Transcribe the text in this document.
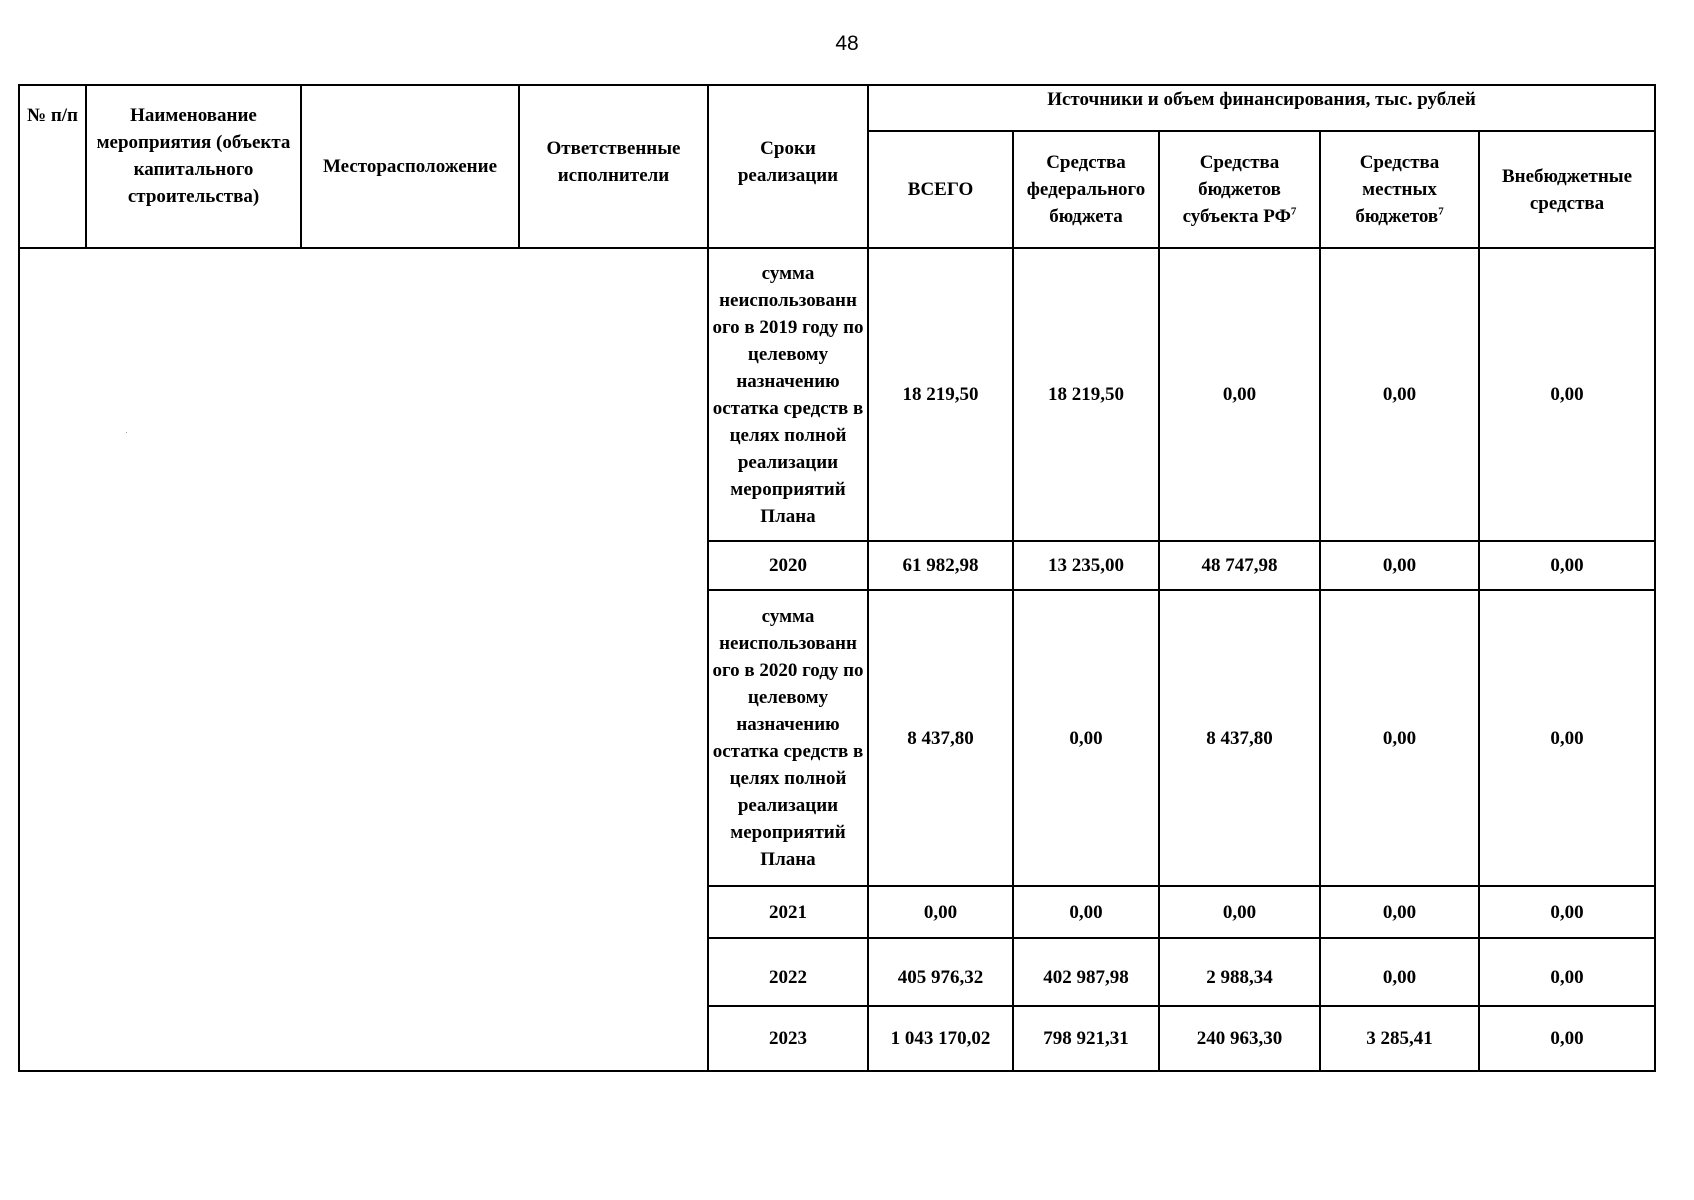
48
№ п/п	Наименование мероприятия (объекта капитального строительства)	Месторасположение	Ответственные исполнители	Сроки реализации	Источники и объем финансирования, тыс. рублей				
					ВСЕГО	Средства федерального бюджета	Средства бюджетов субъекта $РФ^7$	Средства местных бюджетов$^7$	Внебюджетные средства
				сумма неиспользованн ого в 2019 году по целевому назначению остатка средств в целях полной реализации мероприятий Плана	18 219,50	18 219,50	0,00	0,00	0,00
				2020	61 982,98	13 235,00	48 747,98	0,00	0,00
				сумма неиспользованн ого в 2020 году по целевому назначению остатка средств в целях полной реализации мероприятий Плана	8 437,80	0,00	8 437,80	0,00	0,00
				2021	0,00	0,00	0,00	0,00	0,00
				2022	405 976,32	402 987,98	2 988,34	0,00	0,00
				2023	1 043 170,02	798 921,31	240 963,30	3 285,41	0,00
